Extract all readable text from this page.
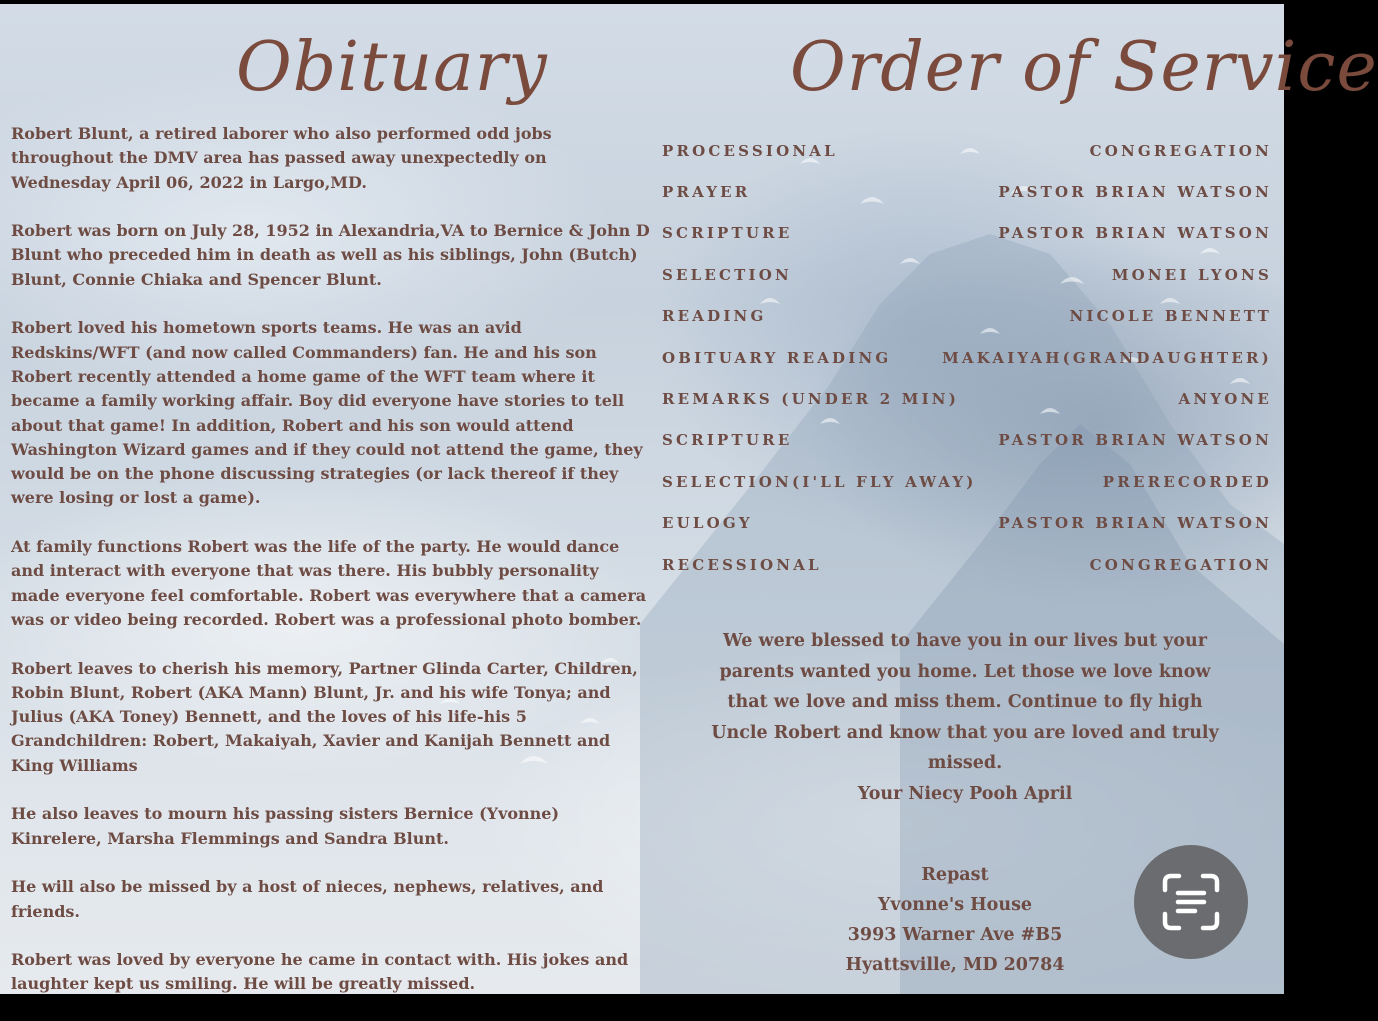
Obituary

Robert Blunt, a retired laborer who also performed odd jobs throughout the DMV area has passed away unexpectedly on Wednesday April 06, 2022 in Largo,MD.

Robert was born on July 28, 1952 in Alexandria,VA to Bernice & John D Blunt who preceded him in death as well as his siblings, John (Butch) Blunt, Connie Chiaka and Spencer Blunt.

Robert loved his hometown sports teams. He was an avid Redskins/WFT (and now called Commanders) fan. He and his son Robert recently attended a home game of the WFT team where it became a family working affair. Boy did everyone have stories to tell about that game! In addition, Robert and his son would attend Washington Wizard games and if they could not attend the game, they would be on the phone discussing strategies (or lack thereof if they were losing or lost a game).

At family functions Robert was the life of the party. He would dance and interact with everyone that was there. His bubbly personality made everyone feel comfortable. Robert was everywhere that a camera was or video being recorded. Robert was a professional photo bomber.

Robert leaves to cherish his memory, Partner Glinda Carter, Children, Robin Blunt, Robert (AKA Mann) Blunt, Jr. and his wife Tonya; and Julius (AKA Toney) Bennett, and the loves of his life-his 5 Grandchildren: Robert, Makaiyah, Xavier and Kanijah Bennett and King Williams

He also leaves to mourn his passing sisters Bernice (Yvonne) Kinrelere, Marsha Flemmings and Sandra Blunt.

He will also be missed by a host of nieces, nephews, relatives, and friends.

Robert was loved by everyone he came in contact with. His jokes and laughter kept us smiling. He will be greatly missed.

Order of Service
PROCESSIONAL	CONGREGATION
PRAYER	PASTOR BRIAN WATSON
SCRIPTURE	PASTOR BRIAN WATSON
SELECTION	MONEI LYONS
READING	NICOLE BENNETT
OBITUARY READING	MAKAIYAH(GRANDAUGHTER)
REMARKS (UNDER 2 MIN)	ANYONE
SCRIPTURE	PASTOR BRIAN WATSON
SELECTION(I'LL FLY AWAY)	PRERECORDED
EULOGY	PASTOR BRIAN WATSON
RECESSIONAL	CONGREGATION

We were blessed to have you in our lives but your parents wanted you home. Let those we love know that we love and miss them. Continue to fly high Uncle Robert and know that you are loved and truly missed.

Your Niecy Pooh April

Repast
Yvonne's House
3993 Warner Ave #B5
Hyattsville, MD 20784
